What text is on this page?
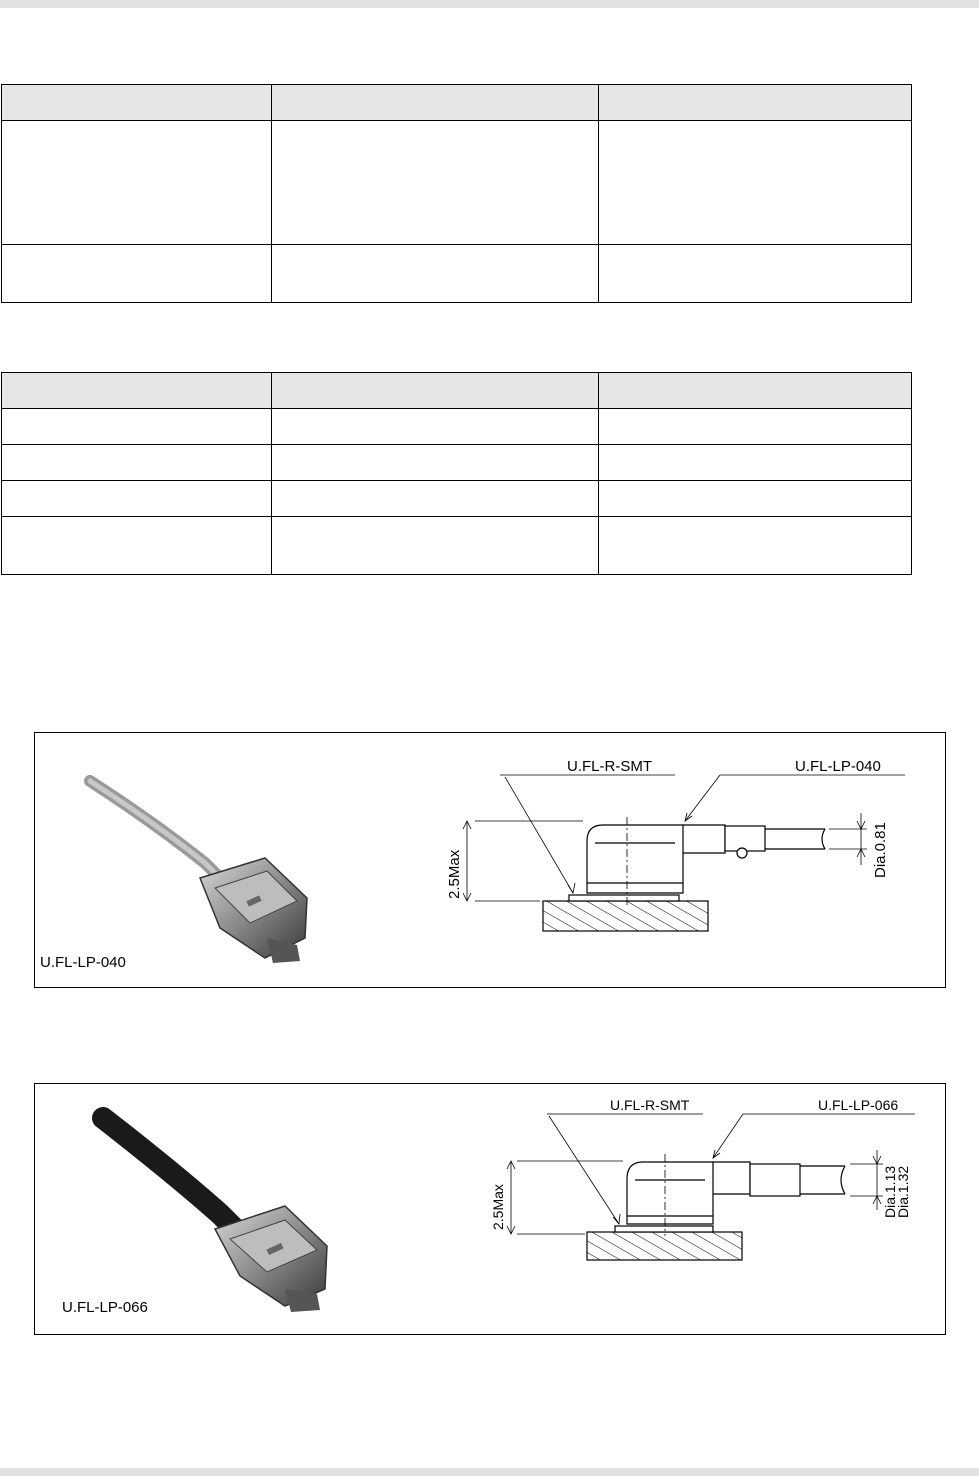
U.FL-LP-040
U.FL-R-SMT	U.FL-LP-040
2.5Max	Dia.0.81
U.FL-LP-066
U.FL-R-SMT	U.FL-LP-066
2.5Max	Dia.1.13
Dia.1.32
